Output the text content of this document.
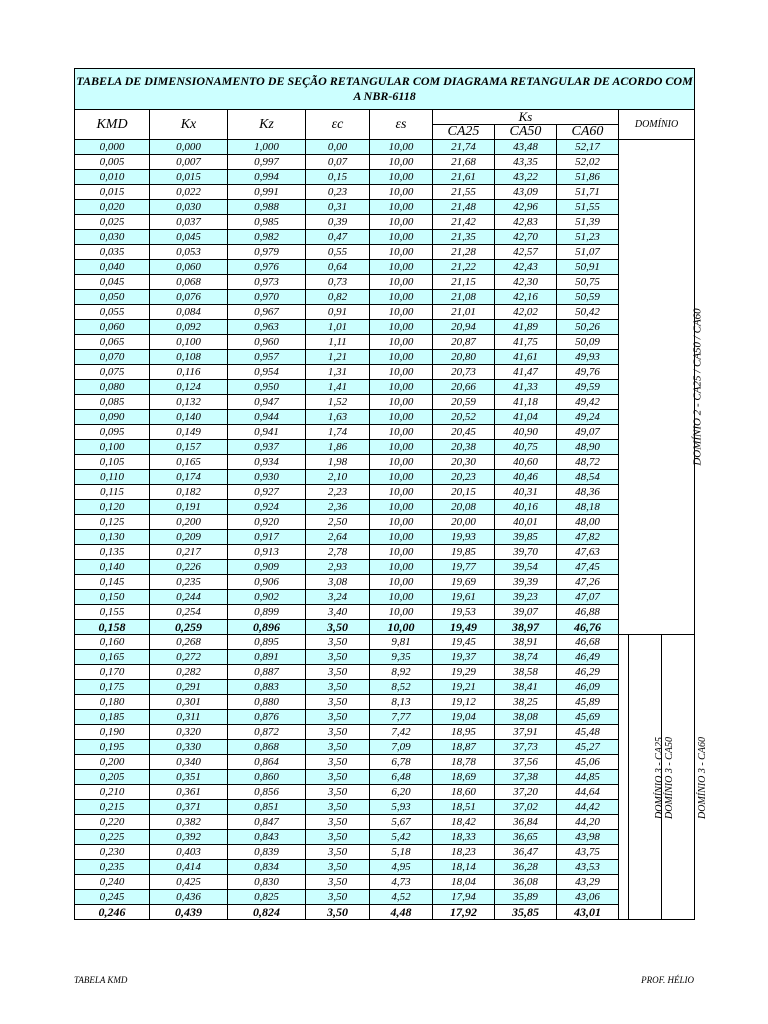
TABELA DE DIMENSIONAMENTO DE SEÇÃO RETANGULAR COM DIAGRAMA RETANGULAR DE ACORDO COM A NBR-6118										
KMD	Kx	Kz	εc	εs	Ks			DOMÍNIO		
					CA25	CA50	CA60			
0,000	0,000	1,000	0,00	10,00	21,74	43,48	52,17	DOMÍNIO 2 - CA25 / CA50 / CA60		
0,005	0,007	0,997	0,07	10,00	21,68	43,35	52,02			
0,010	0,015	0,994	0,15	10,00	21,61	43,22	51,86			
0,015	0,022	0,991	0,23	10,00	21,55	43,09	51,71			
0,020	0,030	0,988	0,31	10,00	21,48	42,96	51,55			
0,025	0,037	0,985	0,39	10,00	21,42	42,83	51,39			
0,030	0,045	0,982	0,47	10,00	21,35	42,70	51,23			
0,035	0,053	0,979	0,55	10,00	21,28	42,57	51,07			
0,040	0,060	0,976	0,64	10,00	21,22	42,43	50,91			
0,045	0,068	0,973	0,73	10,00	21,15	42,30	50,75			
0,050	0,076	0,970	0,82	10,00	21,08	42,16	50,59			
0,055	0,084	0,967	0,91	10,00	21,01	42,02	50,42			
0,060	0,092	0,963	1,01	10,00	20,94	41,89	50,26			
0,065	0,100	0,960	1,11	10,00	20,87	41,75	50,09			
0,070	0,108	0,957	1,21	10,00	20,80	41,61	49,93			
0,075	0,116	0,954	1,31	10,00	20,73	41,47	49,76			
0,080	0,124	0,950	1,41	10,00	20,66	41,33	49,59			
0,085	0,132	0,947	1,52	10,00	20,59	41,18	49,42			
0,090	0,140	0,944	1,63	10,00	20,52	41,04	49,24			
0,095	0,149	0,941	1,74	10,00	20,45	40,90	49,07			
0,100	0,157	0,937	1,86	10,00	20,38	40,75	48,90			
0,105	0,165	0,934	1,98	10,00	20,30	40,60	48,72			
0,110	0,174	0,930	2,10	10,00	20,23	40,46	48,54			
0,115	0,182	0,927	2,23	10,00	20,15	40,31	48,36			
0,120	0,191	0,924	2,36	10,00	20,08	40,16	48,18			
0,125	0,200	0,920	2,50	10,00	20,00	40,01	48,00			
0,130	0,209	0,917	2,64	10,00	19,93	39,85	47,82			
0,135	0,217	0,913	2,78	10,00	19,85	39,70	47,63			
0,140	0,226	0,909	2,93	10,00	19,77	39,54	47,45			
0,145	0,235	0,906	3,08	10,00	19,69	39,39	47,26			
0,150	0,244	0,902	3,24	10,00	19,61	39,23	47,07			
0,155	0,254	0,899	3,40	10,00	19,53	39,07	46,88			
0,158	0,259	0,896	3,50	10,00	19,49	38,97	46,76			
0,160	0,268	0,895	3,50	9,81	19,45	38,91	46,68	DOMÍNIO 3 - CA25	DOMÍNIO 3 - CA50	DOMÍNIO 3 - CA60
0,165	0,272	0,891	3,50	9,35	19,37	38,74	46,49			
0,170	0,282	0,887	3,50	8,92	19,29	38,58	46,29			
0,175	0,291	0,883	3,50	8,52	19,21	38,41	46,09			
0,180	0,301	0,880	3,50	8,13	19,12	38,25	45,89			
0,185	0,311	0,876	3,50	7,77	19,04	38,08	45,69			
0,190	0,320	0,872	3,50	7,42	18,95	37,91	45,48			
0,195	0,330	0,868	3,50	7,09	18,87	37,73	45,27			
0,200	0,340	0,864	3,50	6,78	18,78	37,56	45,06			
0,205	0,351	0,860	3,50	6,48	18,69	37,38	44,85			
0,210	0,361	0,856	3,50	6,20	18,60	37,20	44,64			
0,215	0,371	0,851	3,50	5,93	18,51	37,02	44,42			
0,220	0,382	0,847	3,50	5,67	18,42	36,84	44,20			
0,225	0,392	0,843	3,50	5,42	18,33	36,65	43,98			
0,230	0,403	0,839	3,50	5,18	18,23	36,47	43,75			
0,235	0,414	0,834	3,50	4,95	18,14	36,28	43,53			
0,240	0,425	0,830	3,50	4,73	18,04	36,08	43,29			
0,245	0,436	0,825	3,50	4,52	17,94	35,89	43,06			
0,246	0,439	0,824	3,50	4,48	17,92	35,85	43,01			
TABELA KMD	PROF. HÉLIO
